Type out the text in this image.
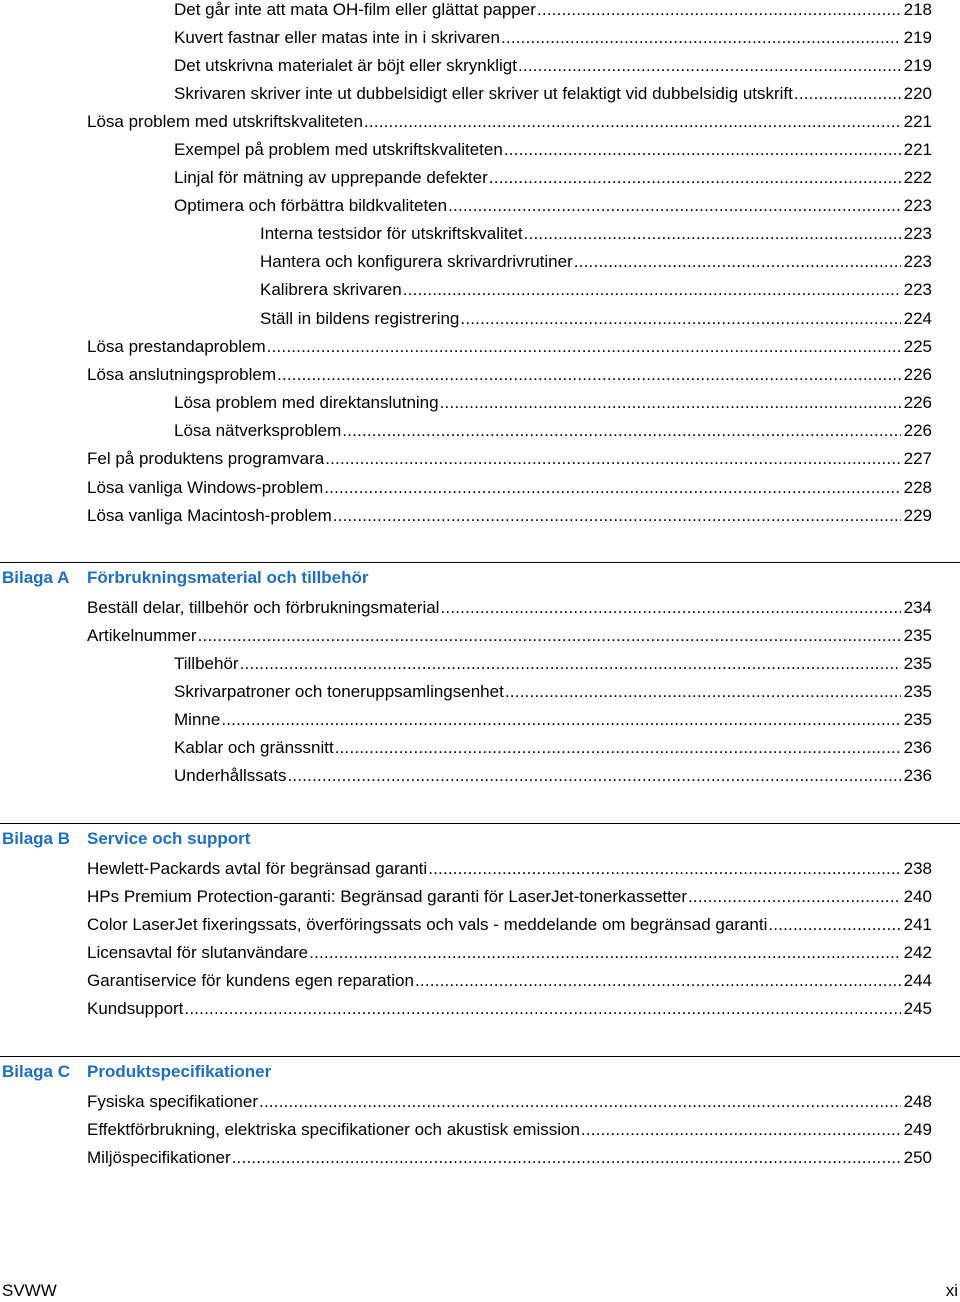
Det går inte att mata OH-film eller glättat papper .....	218
Kuvert fastnar eller matas inte in i skrivaren .....	219
Det utskrivna materialet är böjt eller skrynkligt .....	219
Skrivaren skriver inte ut dubbelsidigt eller skriver ut felaktigt vid dubbelsidig utskrift .....	220
Lösa problem med utskriftskvaliteten .....	221
Exempel på problem med utskriftskvaliteten .....	221
Linjal för mätning av upprepande defekter .....	222
Optimera och förbättra bildkvaliteten .....	223
Interna testsidor för utskriftskvalitet .....	223
Hantera och konfigurera skrivardrivrutiner .....	223
Kalibrera skrivaren .....	223
Ställ in bildens registrering .....	224
Lösa prestandaproblem .....	225
Lösa anslutningsproblem .....	226
Lösa problem med direktanslutning .....	226
Lösa nätverksproblem .....	226
Fel på produktens programvara .....	227
Lösa vanliga Windows-problem .....	228
Lösa vanliga Macintosh-problem .....	229
Bilaga A Förbrukningsmaterial och tillbehör
Beställ delar, tillbehör och förbrukningsmaterial .....	234
Artikelnummer .....	235
Tillbehör .....	235
Skrivarpatroner och toneruppsamlingsenhet .....	235
Minne .....	235
Kablar och gränssnitt .....	236
Underhållssats .....	236
Bilaga B Service och support
Hewlett-Packards avtal för begränsad garanti .....	238
HPs Premium Protection-garanti: Begränsad garanti för LaserJet-tonerkassetter .....	240
Color LaserJet fixeringssats, överföringssats och vals - meddelande om begränsad garanti .....	241
Licensavtal för slutanvändare .....	242
Garantiservice för kundens egen reparation .....	244
Kundsupport .....	245
Bilaga C Produktspecifikationer
Fysiska specifikationer .....	248
Effektförbrukning, elektriska specifikationer och akustisk emission .....	249
Miljöspecifikationer .....	250
SVWW	xi
